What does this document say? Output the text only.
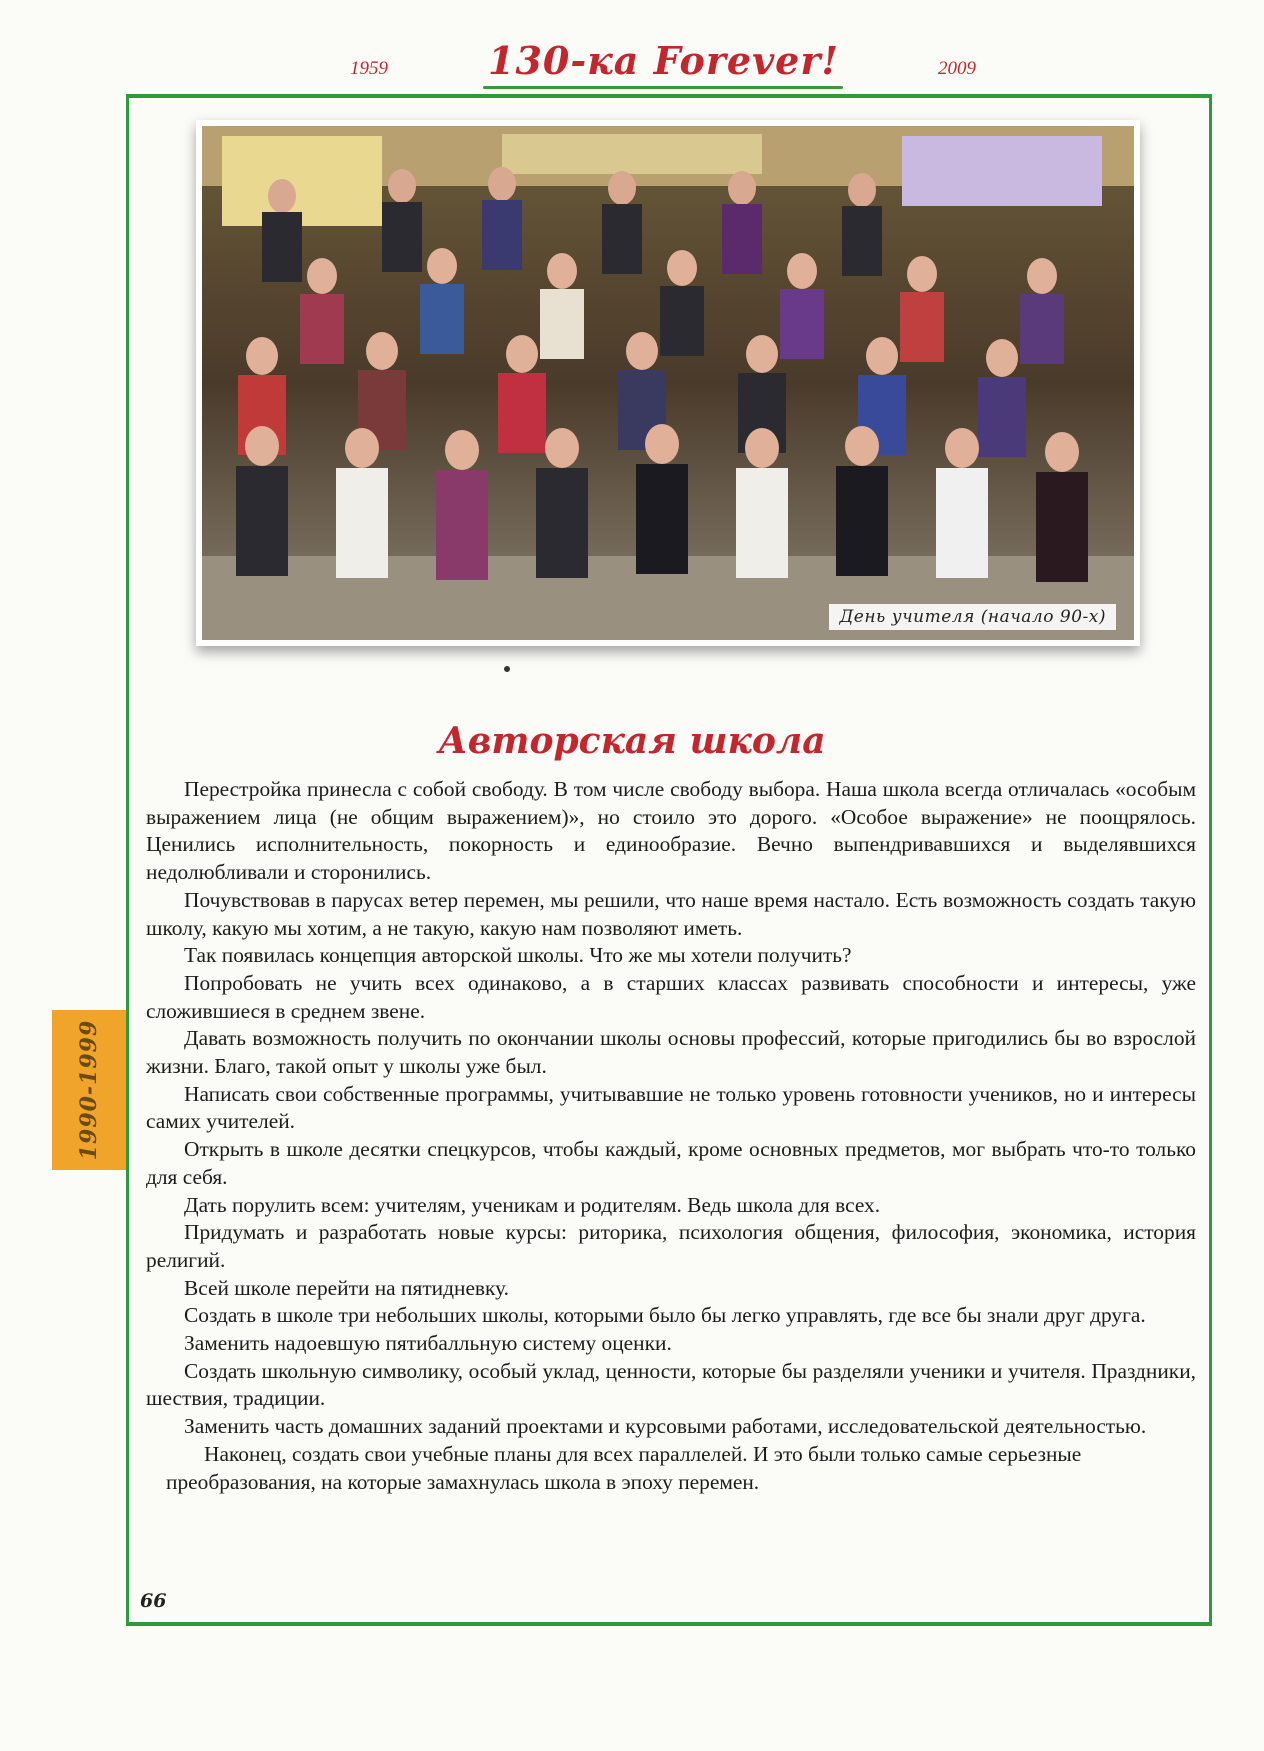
1959	130-ка Forever!	2009
День учителя (начало 90-х)
Авторская школа

Перестройка принесла с собой свободу. В том числе свободу выбора. Наша школа всегда отличалась «особым выражением лица (не общим выражением)», но стоило это дорого. «Особое выражение» не поощрялось. Ценились исполнительность, покорность и единообразие. Вечно выпендривавшихся и выделявшихся недолюбливали и сторонились.

Почувствовав в парусах ветер перемен, мы решили, что наше время настало. Есть возможность создать такую школу, какую мы хотим, а не такую, какую нам позволяют иметь.

Так появилась концепция авторской школы. Что же мы хотели получить?

Попробовать не учить всех одинаково, а в старших классах развивать способности и интересы, уже сложившиеся в среднем звене.

Давать возможность получить по окончании школы основы профессий, которые пригодились бы во взрослой жизни. Благо, такой опыт у школы уже был.

Написать свои собственные программы, учитывавшие не только уровень готовности учеников, но и интересы самих учителей.

Открыть в школе десятки спецкурсов, чтобы каждый, кроме основных предметов, мог выбрать что-то только для себя.

Дать порулить всем: учителям, ученикам и родителям. Ведь школа для всех.

Придумать и разработать новые курсы: риторика, психология общения, философия, экономика, история религий.

Всей школе перейти на пятидневку.

Создать в школе три небольших школы, которыми было бы легко управлять, где все бы знали друг друга.

Заменить надоевшую пятибалльную систему оценки.

Создать школьную символику, особый уклад, ценности, которые бы разделяли ученики и учителя. Праздники, шествия, традиции.

Заменить часть домашних заданий проектами и курсовыми работами, исследовательской деятельностью.

Наконец, создать свои учебные планы для всех параллелей. И это были только самые серьезные преобразования, на которые замахнулась школа в эпоху перемен.

1990-1999
66
